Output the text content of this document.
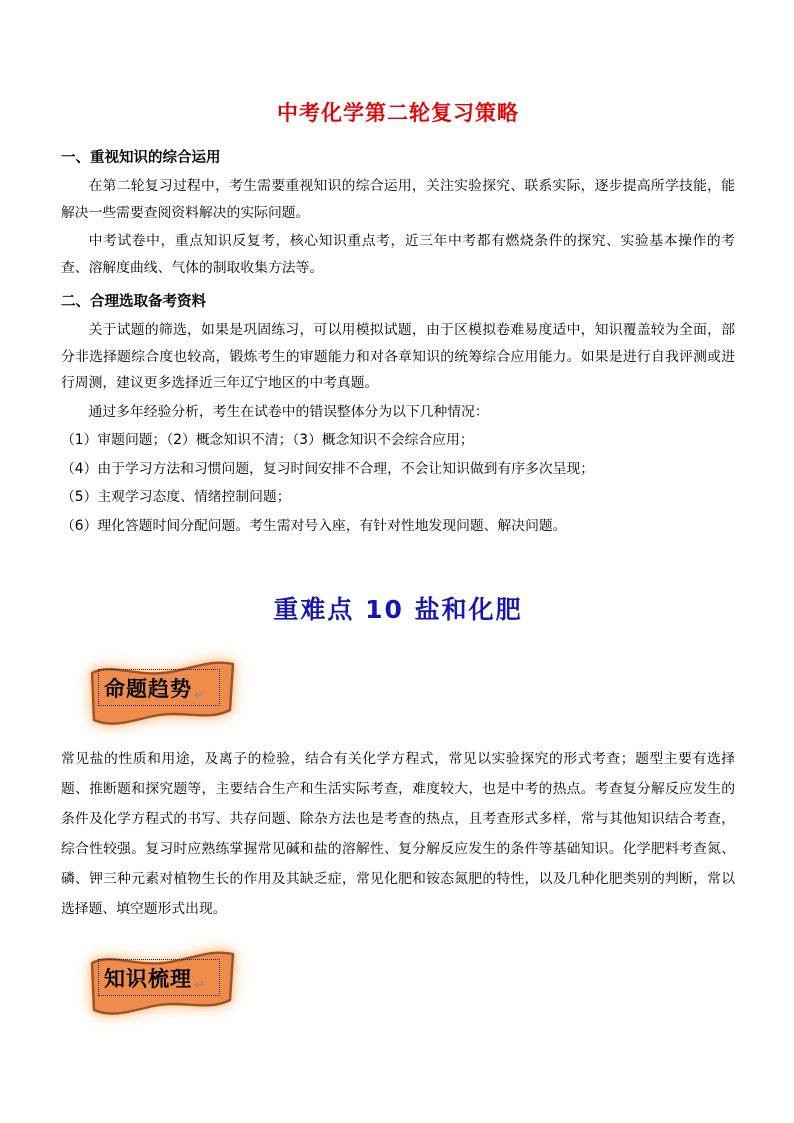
中考化学第二轮复习策略
一、重视知识的综合运用

在第二轮复习过程中，考生需要重视知识的综合运用，关注实验探究、联系实际，逐步提高所学技能，能解决一些需要查阅资料解决的实际问题。

中考试卷中，重点知识反复考，核心知识重点考，近三年中考都有燃烧条件的探究、实验基本操作的考查、溶解度曲线、气体的制取收集方法等。

二、合理选取备考资料

关于试题的筛选，如果是巩固练习，可以用模拟试题，由于区模拟卷难易度适中，知识覆盖较为全面，部分非选择题综合度也较高，锻炼考生的审题能力和对各章知识的统筹综合应用能力。如果是进行自我评测或进行周测，建议更多选择近三年辽宁地区的中考真题。

通过多年经验分析，考生在试卷中的错误整体分为以下几种情况：

（1）审题问题；（2）概念知识不清；（3）概念知识不会综合应用；

（4）由于学习方法和习惯问题，复习时间安排不合理，不会让知识做到有序多次呈现；

（5）主观学习态度、情绪控制问题；

（6）理化答题时间分配问题。考生需对号入座，有针对性地发现问题、解决问题。

重难点 10 盐和化肥
命题趋势 ↵

常见盐的性质和用途，及离子的检验，结合有关化学方程式，常见以实验探究的形式考查；题型主要有选择题、推断题和探究题等，主要结合生产和生活实际考查，难度较大，也是中考的热点。考查复分解反应发生的条件及化学方程式的书写、共存问题、除杂方法也是考查的热点，且考查形式多样，常与其他知识结合考查，综合性较强。复习时应熟练掌握常见碱和盐的溶解性、复分解反应发生的条件等基础知识。化学肥料考查氮、磷、钾三种元素对植物生长的作用及其缺乏症，常见化肥和铵态氮肥的特性，以及几种化肥类别的判断，常以选择题、填空题形式出现。

知识梳理 ↵
